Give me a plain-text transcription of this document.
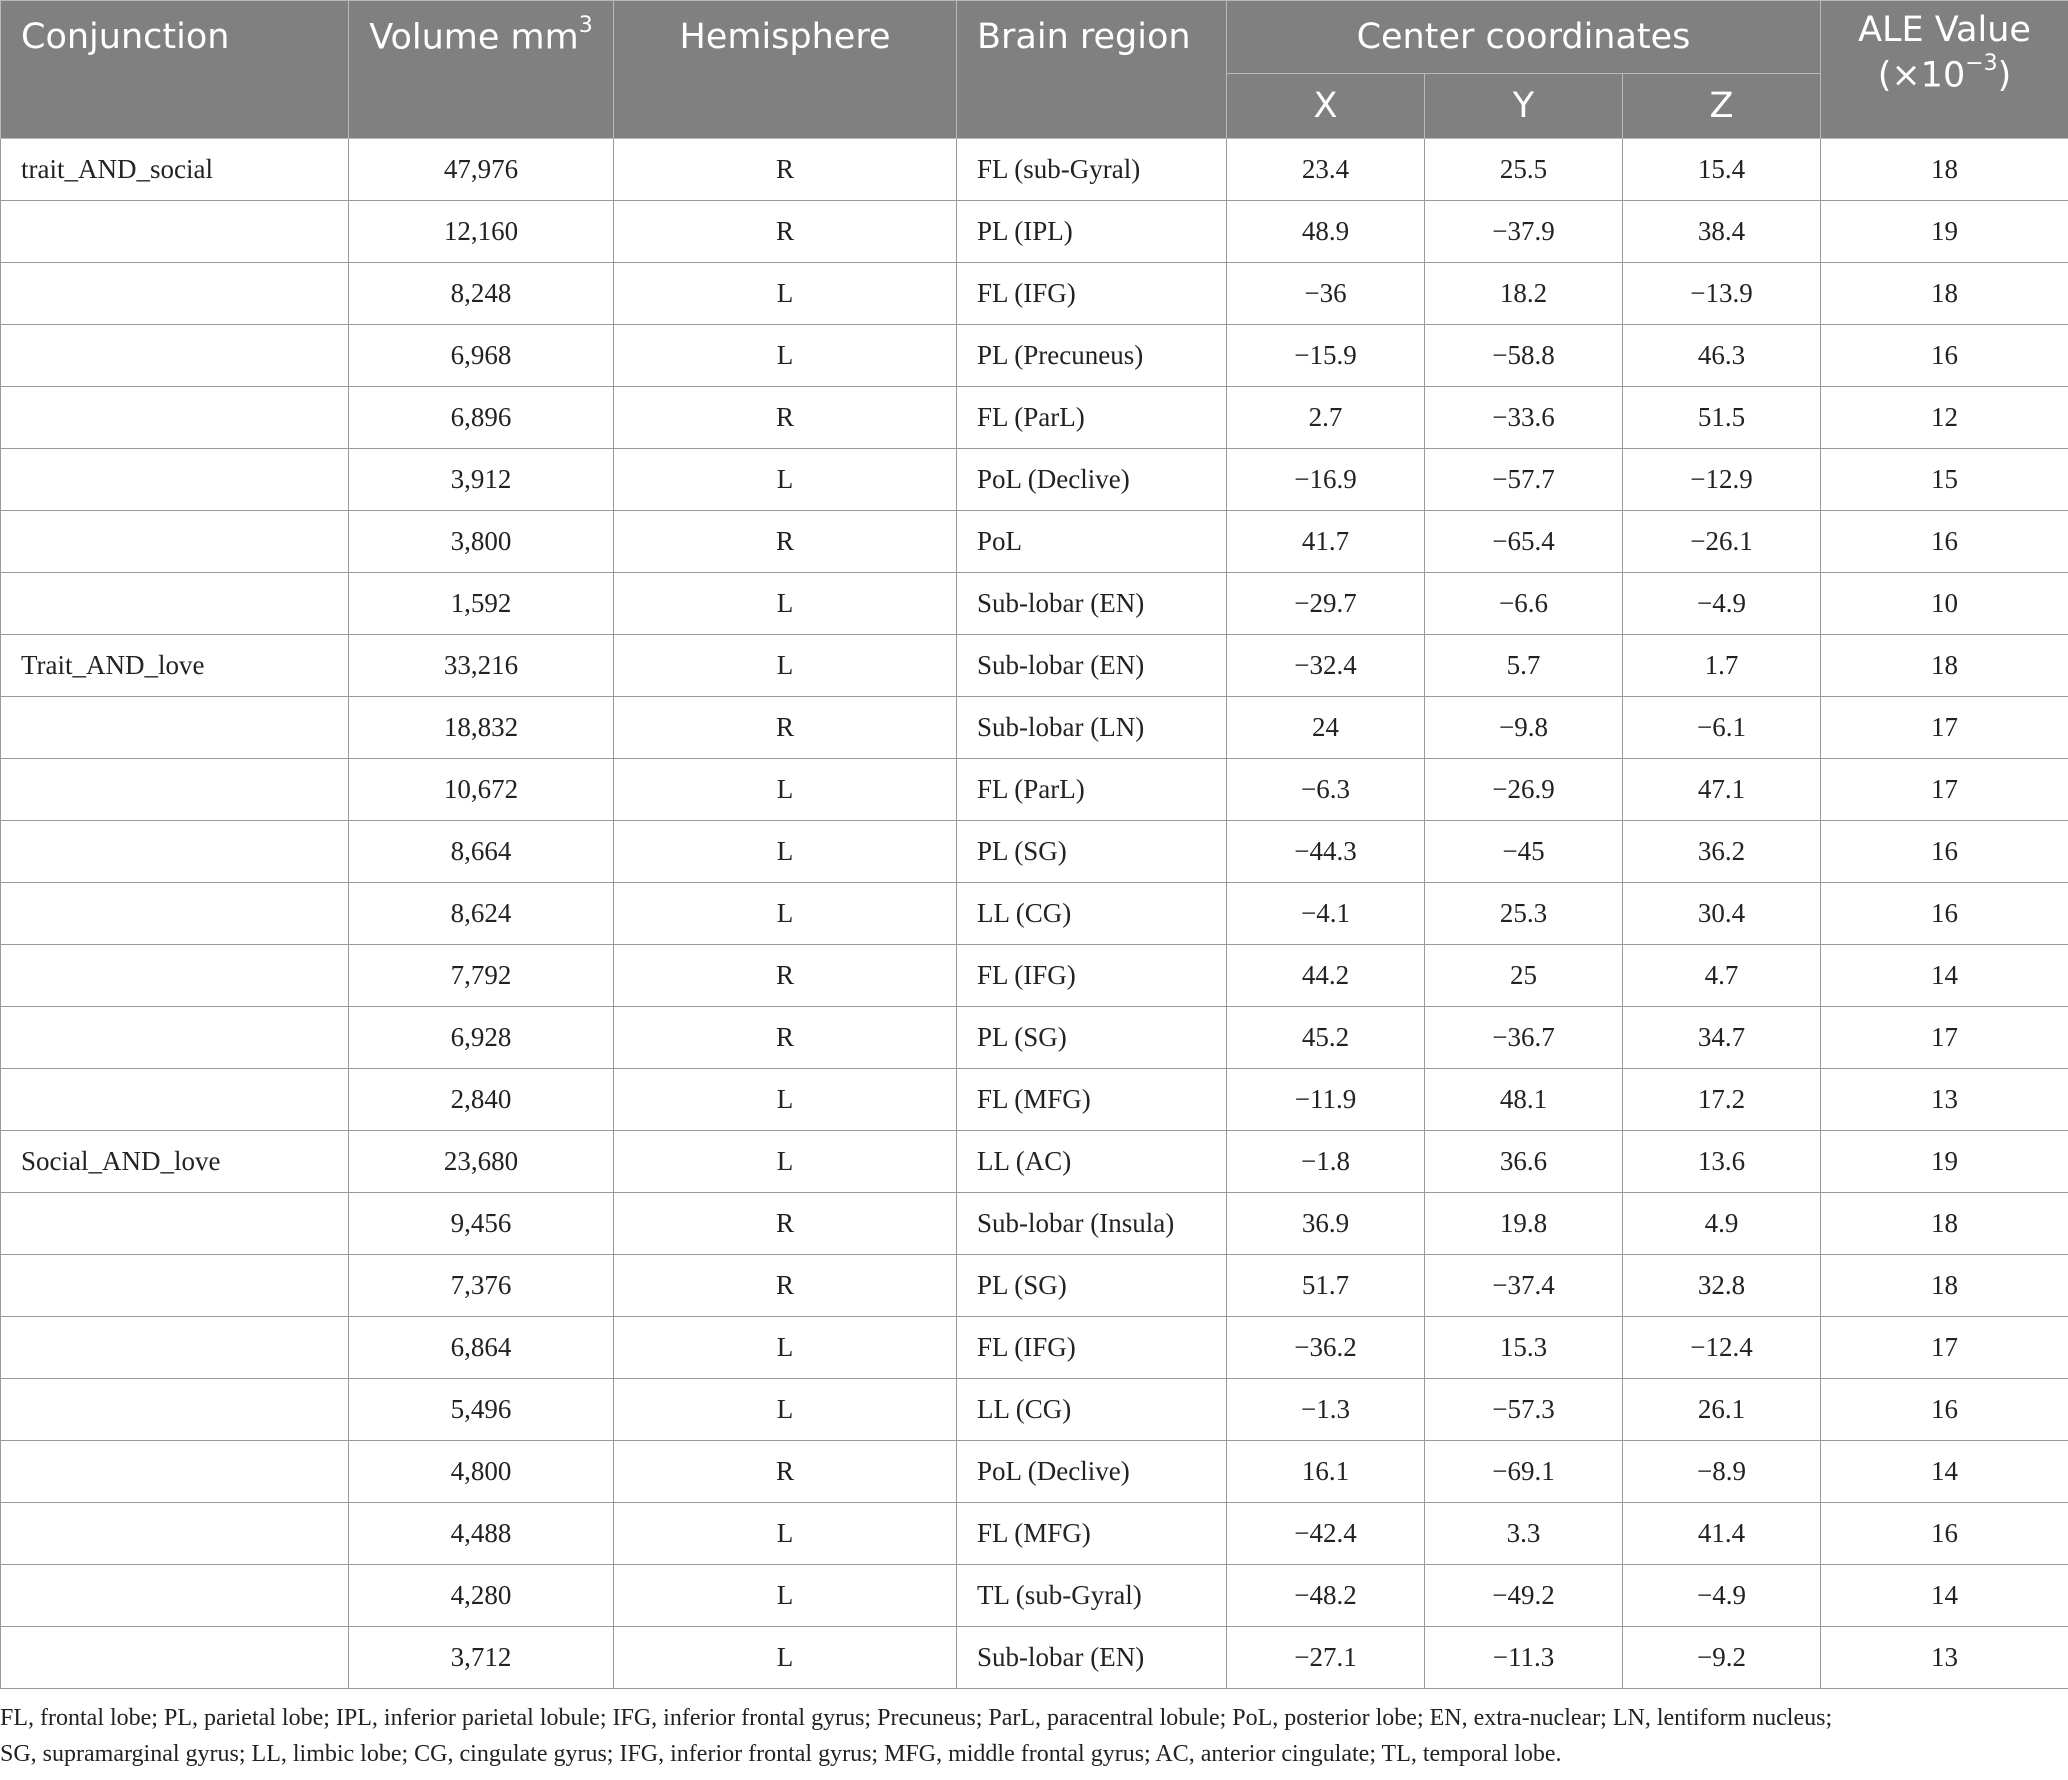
Conjunction	Volume $mm^3$	Hemisphere	Brain region	Center coordinates			ALE Value
$(\times 10^{-3})$
				X	Y	Z	
trait_AND_social	47,976	R	FL (sub-Gyral)	23.4	25.5	15.4	18
	12,160	R	PL (IPL)	48.9	−37.9	38.4	19
	8,248	L	FL (IFG)	−36	18.2	−13.9	18
	6,968	L	PL (Precuneus)	−15.9	−58.8	46.3	16
	6,896	R	FL (ParL)	2.7	−33.6	51.5	12
	3,912	L	PoL (Declive)	−16.9	−57.7	−12.9	15
	3,800	R	PoL	41.7	−65.4	−26.1	16
	1,592	L	Sub-lobar (EN)	−29.7	−6.6	−4.9	10
Trait_AND_love	33,216	L	Sub-lobar (EN)	−32.4	5.7	1.7	18
	18,832	R	Sub-lobar (LN)	24	−9.8	−6.1	17
	10,672	L	FL (ParL)	−6.3	−26.9	47.1	17
	8,664	L	PL (SG)	−44.3	−45	36.2	16
	8,624	L	LL (CG)	−4.1	25.3	30.4	16
	7,792	R	FL (IFG)	44.2	25	4.7	14
	6,928	R	PL (SG)	45.2	−36.7	34.7	17
	2,840	L	FL (MFG)	−11.9	48.1	17.2	13
Social_AND_love	23,680	L	LL (AC)	−1.8	36.6	13.6	19
	9,456	R	Sub-lobar (Insula)	36.9	19.8	4.9	18
	7,376	R	PL (SG)	51.7	−37.4	32.8	18
	6,864	L	FL (IFG)	−36.2	15.3	−12.4	17
	5,496	L	LL (CG)	−1.3	−57.3	26.1	16
	4,800	R	PoL (Declive)	16.1	−69.1	−8.9	14
	4,488	L	FL (MFG)	−42.4	3.3	41.4	16
	4,280	L	TL (sub-Gyral)	−48.2	−49.2	−4.9	14
	3,712	L	Sub-lobar (EN)	−27.1	−11.3	−9.2	13
FL, frontal lobe; PL, parietal lobe; IPL, inferior parietal lobule; IFG, inferior frontal gyrus; Precuneus; ParL, paracentral lobule; PoL, posterior lobe; EN, extra-nuclear; LN, lentiform nucleus;
SG, supramarginal gyrus; LL, limbic lobe; CG, cingulate gyrus; IFG, inferior frontal gyrus; MFG, middle frontal gyrus; AC, anterior cingulate; TL, temporal lobe.
